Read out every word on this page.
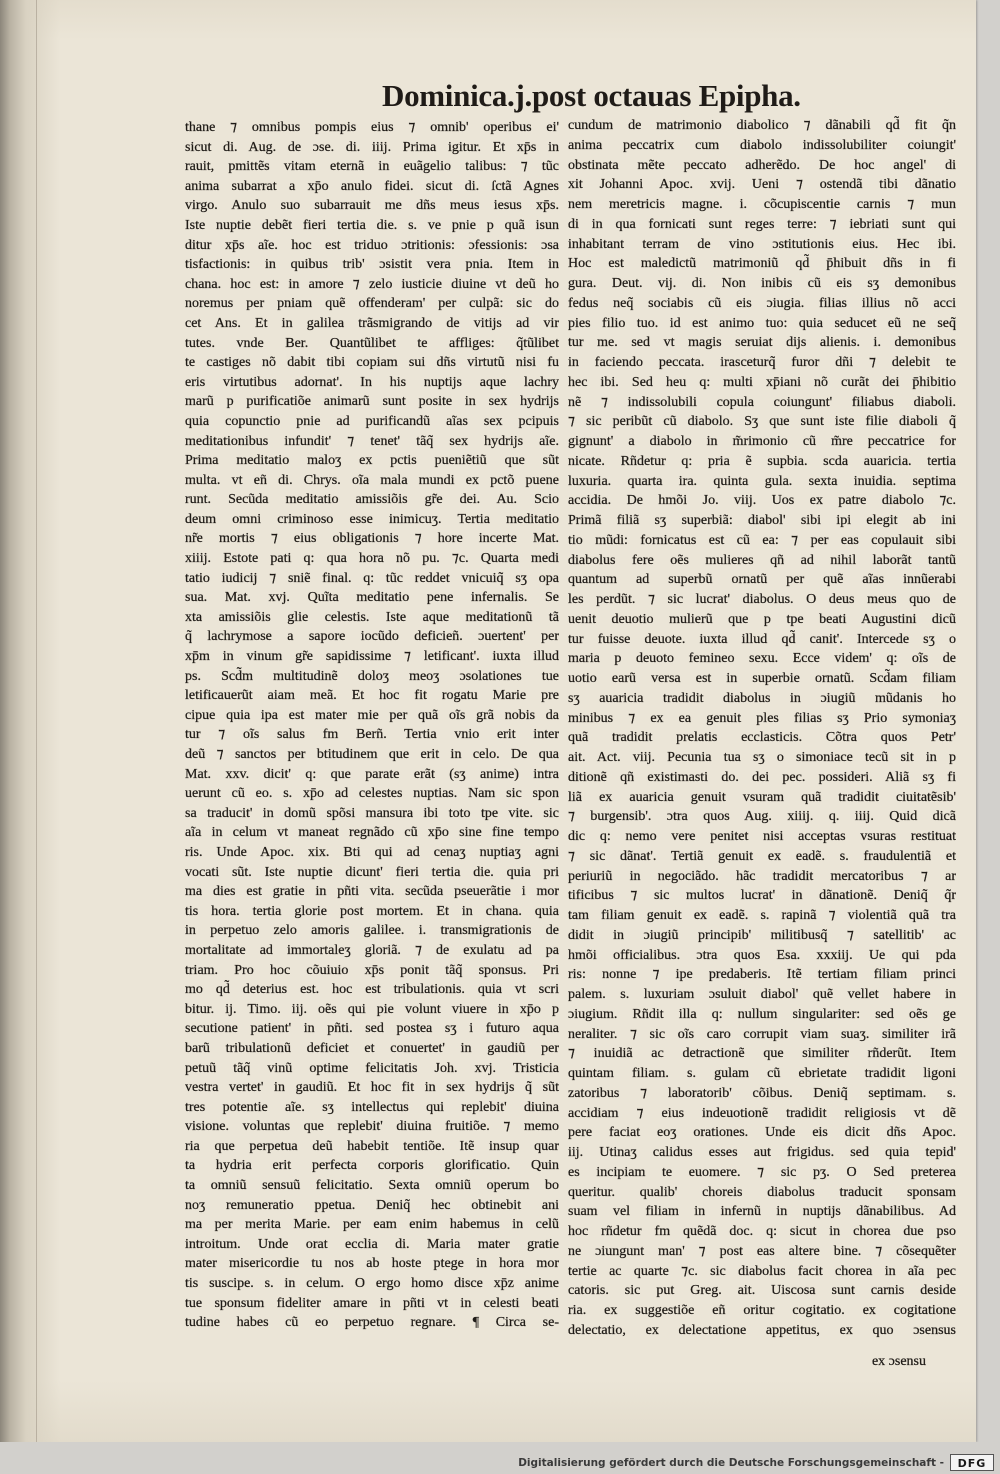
Dominica.j.post octauas Epipha.
thane ⁊ omnibus pompis eius ⁊ omnib' operibus ei'
sicut di. Aug. de ɔse. di. iiij. Prima igitur. Et xp̄s in
rauit, pmittẽs vitam eternã in euãgelio talibus: ⁊ tũc
anima subarrat a xp̄o anulo fidei. sicut di. ſctã Agnes
virgo. Anulo suo subarrauit me dñs meus iesus xp̄s.
Iste nuptie debẽt fieri tertia die. s. ve pnie p quã isun
ditur xp̄s aĩe. hoc est triduo ɔtritionis: ɔfessionis: ɔsa
tisfactionis: in quibus trib' ɔsistit vera pnia. Item in
chana. hoc est: in amore ⁊ zelo iusticie diuine vt deũ ho
noremus per pniam quẽ offenderam' per culpã: sic do
cet Ans. Et in galilea trãsmigrando de vitijs ad vir
tutes. vnde Ber. Quantũlibet te affliges: q̃tũlibet
te castiges nõ dabit tibi copiam sui dñs virtutũ nisi fu
eris virtutibus adornat'. In his nuptijs aque lachry
marũ p purificatiõe animarũ sunt posite in sex hydrijs
quia copunctio pnie ad purificandũ aĩas sex pcipuis
meditationibus infundit' ⁊ tenet' tãq̃ sex hydrijs aĩe.
Prima meditatio maloʒ ex pctis pueniẽtiũ que sũt
multa. vt eñ di. Chrys. oĩa mala mundi ex pctõ puene
runt. Secũda meditatio amissiõis gr̃e dei. Au. Scio
deum omni criminoso esse inimicuʒ. Tertia meditatio
nr̃e mortis ⁊ eius obligationis ⁊ hore incerte Mat.
xiiij. Estote pati q: qua hora nõ pu. ⁊c. Quarta medi
tatio iudicij ⁊ sniẽ final. q: tũc reddet vnicuiq̃ sʒ opa
sua. Mat. xvj. Quĩta meditatio pene infernalis. Se
xta amissiõis glie celestis. Iste aque meditationũ tã
q̃ lachrymose a sapore iocũdo deficieñ. ɔuertent' per
xp̄m in vinum gr̃e sapidissime ⁊ letificant'. iuxta illud
ps. Scd̃m multitudinẽ doloʒ meoʒ ɔsolationes tue
letificauerũt aiam meã. Et hoc fit rogatu Marie pre
cipue quia ipa est mater mie per quã oĩs grã nobis da
tur ⁊ oĩs salus fm Berñ. Tertia vnio erit inter
deũ ⁊ sanctos per btitudinem que erit in celo. De qua
Mat. xxv. dicit' q: que parate erãt (sʒ anime) intra
uerunt cũ eo. s. xp̄o ad celestes nuptias. Nam sic spon
sa traducit' in domũ spõsi mansura ibi toto tpe vite. sic
aĩa in celum vt maneat regnãdo cũ xp̄o sine fine tempo
ris. Unde Apoc. xix. Bti qui ad cenaʒ nuptiaʒ agni
vocati sũt. Iste nuptie dicunt' fieri tertia die. quia pri
ma dies est gratie in pñti vita. secũda pseuerãtie i mor
tis hora. tertia glorie post mortem. Et in chana. quia
in perpetuo zelo amoris galilee. i. transmigrationis de
mortalitate ad immortaleʒ gloriã. ⁊ de exulatu ad pa
triam. Pro hoc cõuiuio xp̄s ponit tãq̃ sponsus. Pri
mo qd̃ deterius est. hoc est tribulationis. quia vt scri
bitur. ij. Timo. iij. oẽs qui pie volunt viuere in xp̄o p
secutione patient' in pñti. sed postea sʒ i futuro aqua
barũ tribulationũ deficiet et conuertet' in gaudiũ per
petuũ tãq̃ vinũ optime felicitatis Joh. xvj. Tristicia
vestra vertet' in gaudiũ. Et hoc fit in sex hydrijs q̃ sũt
tres potentie aĩe. sʒ intellectus qui replebit' diuina
visione. voluntas que replebit' diuina fruitiõe. ⁊ memo
ria que perpetua deũ habebit tentiõe. Itẽ insup quar
ta hydria erit perfecta corporis glorificatio. Quin
ta omniũ sensuũ felicitatio. Sexta omniũ operum bo
noʒ remuneratio ppetua. Deniq̃ hec obtinebit ani
ma per merita Marie. per eam enim habemus in celũ
introitum. Unde orat ecclia di. Maria mater gratie
mater misericordie tu nos ab hoste ptege in hora mor
tis suscipe. s. in celum. O ergo homo disce xp̄z anime
tue sponsum fideliter amare in pñti vt in celesti beati
tudine habes cũ eo perpetuo regnare. ¶ Circa se-
cundum de matrimonio diabolico ⁊ dãnabili qd̃ fit q̃n
anima peccatrix cum diabolo indissolubiliter coiungit'
obstinata mẽte peccato adherẽdo. De hoc angel' di
xit Johanni Apoc. xvij. Ueni ⁊ ostendã tibi dãnatio
nem meretricis magne. i. cõcupiscentie carnis ⁊ mun
di in qua fornicati sunt reges terre: ⁊ iebriati sunt qui
inhabitant terram de vino ɔstitutionis eius. Hec ibi.
Hoc est maledictũ matrimoniũ qd̃ p̄hibuit dñs in fi
gura. Deut. vij. di. Non inibis cũ eis sʒ demonibus
fedus neq̃ sociabis cũ eis ɔiugia. filias illius nõ acci
pies filio tuo. id est animo tuo: quia seducet eũ ne seq̃
tur me. sed vt magis seruiat dijs alienis. i. demonibus
in faciendo peccata. irasceturq̃ furor dñi ⁊ delebit te
hec ibi. Sed heu q: multi xp̄iani nõ curãt dei p̄hibitio
nẽ ⁊ indissolubili copula coiungunt' filiabus diaboli.
⁊ sic peribũt cũ diabolo. Sʒ que sunt iste filie diaboli q̃
gignunt' a diabolo in m̃rimonio cũ m̃re peccatrice for
nicate. Rñdetur q: pria ẽ supbia. scda auaricia. tertia
luxuria. quarta ira. quinta gula. sexta inuidia. septima
accidia. De hmõi Jo. viij. Uos ex patre diabolo ⁊c.
Primã filiã sʒ superbiã: diabol' sibi ipi elegit ab ini
tio mũdi: fornicatus est cũ ea: ⁊ per eas copulauit sibi
diabolus fere oẽs mulieres qñ ad nihil laborãt tantũ
quantum ad superbũ ornatũ per quẽ aĩas innũerabi
les perdũt. ⁊ sic lucrat' diabolus. O deus meus quo de
uenit deuotio mulierũ que p tpe beati Augustini dicũ
tur fuisse deuote. iuxta illud qd̃ canit'. Intercede sʒ o
maria p deuoto femineo sexu. Ecce videm' q: oĩs de
uotio earũ versa est in superbie ornatũ. Scd̃am filiam
sʒ auaricia tradidit diabolus in ɔiugiũ mũdanis ho
minibus ⁊ ex ea genuit ples filias sʒ Prio symoniaʒ
quã tradidit prelatis ecclasticis. Cõtra quos Petr'
ait. Act. viij. Pecunia tua sʒ o simoniace tecũ sit in p
ditionẽ qñ existimasti do. dei pec. possideri. Aliã sʒ fi
liã ex auaricia genuit vsuram quã tradidit ciuitatẽsib'
⁊ burgensib'. ɔtra quos Aug. xiiij. q. iiij. Quid dicã
dic q: nemo vere penitet nisi acceptas vsuras restituat
⁊ sic dãnat'. Tertiã genuit ex eadẽ. s. fraudulentiã et
periuriũ in negociãdo. hãc tradidit mercatoribus ⁊ ar
tificibus ⁊ sic multos lucrat' in dãnationẽ. Deniq̃ q̃r
tam filiam genuit ex eadẽ. s. rapinã ⁊ violentiã quã tra
didit in ɔiugiũ principib' militibusq̃ ⁊ satellitib' ac
hmõi officialibus. ɔtra quos Esa. xxxiij. Ue qui pda
ris: nonne ⁊ ipe predaberis. Itẽ tertiam filiam princi
palem. s. luxuriam ɔsuluit diabol' quẽ vellet habere in
ɔiugium. Rñdit illa q: nullum singulariter: sed oẽs ge
neraliter. ⁊ sic oĩs caro corrupit viam suaʒ. similiter irã
⁊ inuidiã ac detractionẽ que similiter rñderũt. Item
quintam filiam. s. gulam cũ ebrietate tradidit ligoni
zatoribus ⁊ laboratorib' cõibus. Deniq̃ septimam. s.
accidiam ⁊ eius indeuotionẽ tradidit religiosis vt dẽ
pere faciat eoʒ orationes. Unde eis dicit dñs Apoc.
iij. Utinaʒ calidus esses aut frigidus. sed quia tepid'
es incipiam te euomere. ⁊ sic pʒ. O Sed preterea
queritur. qualib' choreis diabolus traducit sponsam
suam vel filiam in infernũ in nuptijs dãnabilibus. Ad
hoc rñdetur fm quẽdã doc. q: sicut in chorea due pso
ne ɔiungunt man' ⁊ post eas altere bine. ⁊ cõsequẽter
tertie ac quarte ⁊c. sic diabolus facit chorea in aĩa pec
catoris. sic put Greg. ait. Uiscosa sunt carnis deside
ria. ex suggestiõe eñ oritur cogitatio. ex cogitatione
delectatio, ex delectatione appetitus, ex quo ɔsensus
ex ɔsensu
Digitalisierung gefördert durch die Deutsche Forschungsgemeinschaft -	DFG
